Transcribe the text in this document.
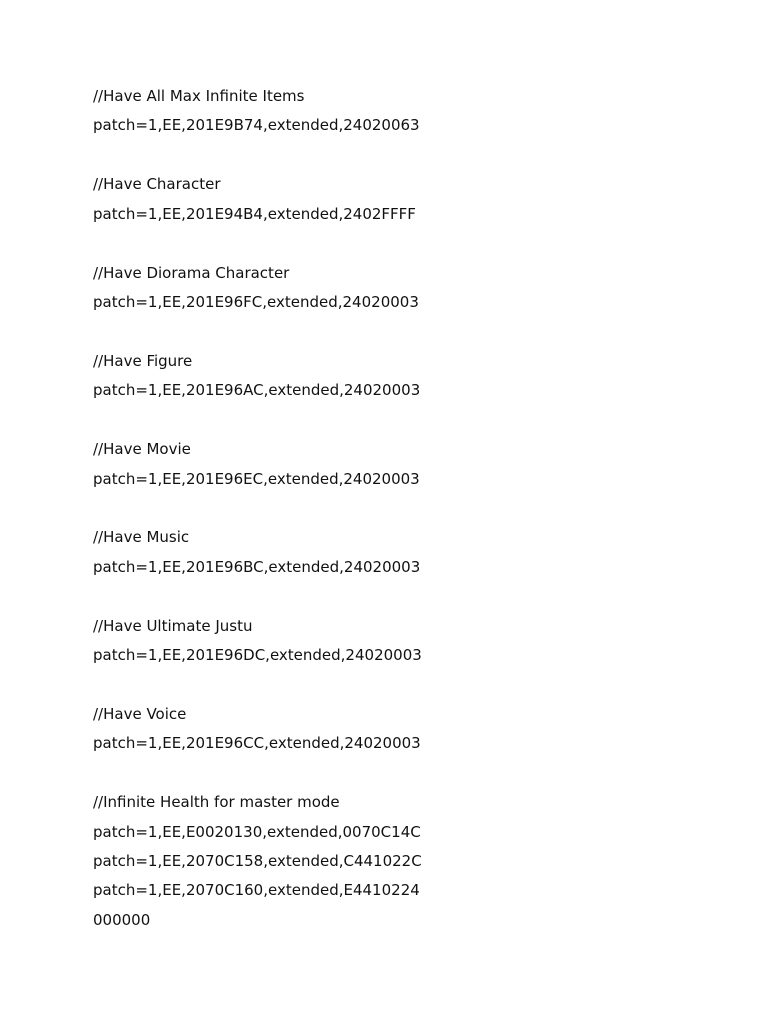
//Have All Max Infinite Items
patch=1,EE,201E9B74,extended,24020063
//Have Character
patch=1,EE,201E94B4,extended,2402FFFF
//Have Diorama Character
patch=1,EE,201E96FC,extended,24020003
//Have Figure
patch=1,EE,201E96AC,extended,24020003
//Have Movie
patch=1,EE,201E96EC,extended,24020003
//Have Music
patch=1,EE,201E96BC,extended,24020003
//Have Ultimate Justu
patch=1,EE,201E96DC,extended,24020003
//Have Voice
patch=1,EE,201E96CC,extended,24020003
//Infinite Health for master mode
patch=1,EE,E0020130,extended,0070C14C
patch=1,EE,2070C158,extended,C441022C
patch=1,EE,2070C160,extended,E4410224
000000
